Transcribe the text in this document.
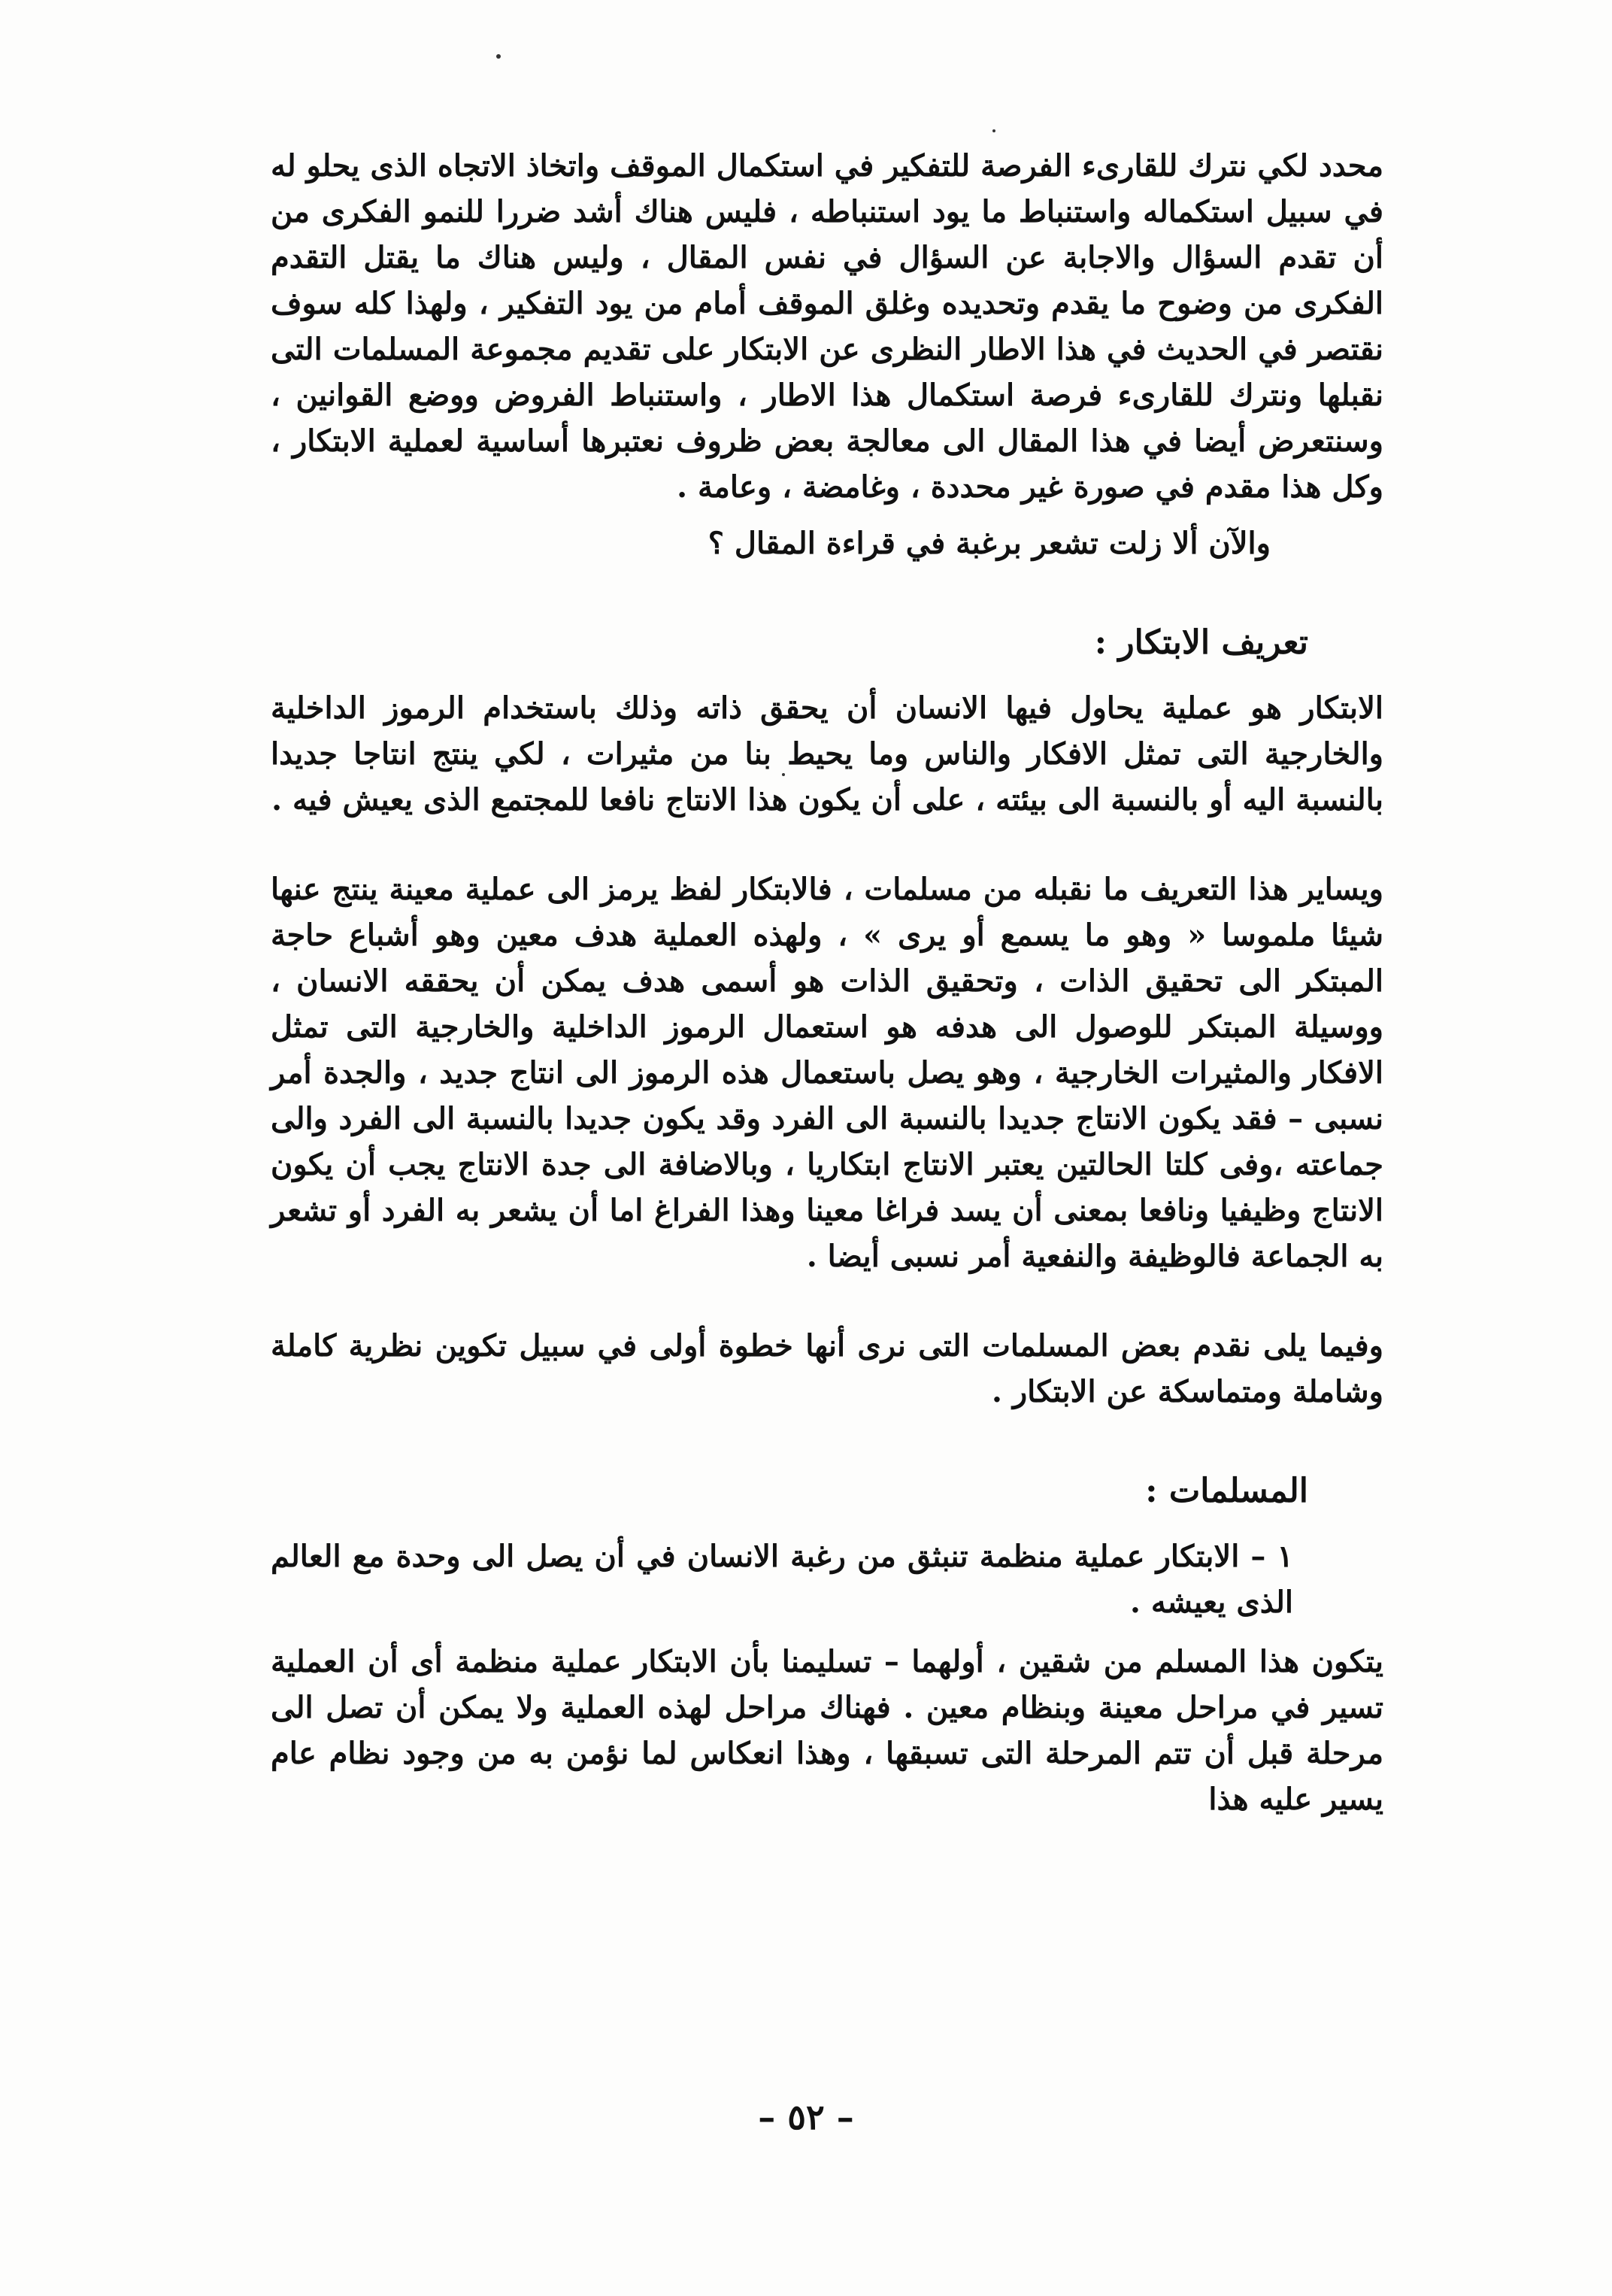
محدد لكي نترك للقارىء الفرصة للتفكير في استكمال الموقف واتخاذ الاتجاه الذى يحلو له في سبيل استكماله واستنباط ما يود استنباطه ، فليس هناك أشد ضررا للنمو الفكرى من أن تقدم السؤال والاجابة عن السؤال في نفس المقال ، وليس هناك ما يقتل التقدم الفكرى من وضوح ما يقدم وتحديده وغلق الموقف أمام من يود التفكير ، ولهذا كله سوف نقتصر في الحديث في هذا الاطار النظرى عن الابتكار على تقديم مجموعة المسلمات التى نقبلها ونترك للقارىء فرصة استكمال هذا الاطار ، واستنباط الفروض ووضع القوانين ، وسنتعرض أيضا في هذا المقال الى معالجة بعض ظروف نعتبرها أساسية لعملية الابتكار ، وكل هذا مقدم في صورة غير محددة ، وغامضة ، وعامة .

والآن ألا زلت تشعر برغبة في قراءة المقال ؟

تعريف الابتكار :

الابتكار هو عملية يحاول فيها الانسان أن يحقق ذاته وذلك باستخدام الرموز الداخلية والخارجية التى تمثل الافكار والناس وما يحيط بنا من مثيرات ، لكي ينتج انتاجا جديدا بالنسبة اليه أو بالنسبة الى بيئته ، على أن يكون هذا الانتاج نافعا للمجتمع الذى يعيش فيه .

ويساير هذا التعريف ما نقبله من مسلمات ، فالابتكار لفظ يرمز الى عملية معينة ينتج عنها شيئا ملموسا « وهو ما يسمع أو يرى » ، ولهذه العملية هدف معين وهو أشباع حاجة المبتكر الى تحقيق الذات ، وتحقيق الذات هو أسمى هدف يمكن أن يحققه الانسان ، ووسيلة المبتكر للوصول الى هدفه هو استعمال الرموز الداخلية والخارجية التى تمثل الافكار والمثيرات الخارجية ، وهو يصل باستعمال هذه الرموز الى انتاج جديد ، والجدة أمر نسبى – فقد يكون الانتاج جديدا بالنسبة الى الفرد وقد يكون جديدا بالنسبة الى الفرد والى جماعته ،وفى كلتا الحالتين يعتبر الانتاج ابتكاريا ، وبالاضافة الى جدة الانتاج يجب أن يكون الانتاج وظيفيا ونافعا بمعنى أن يسد فراغا معينا وهذا الفراغ اما أن يشعر به الفرد أو تشعر به الجماعة فالوظيفة والنفعية أمر نسبى أيضا .

وفيما يلى نقدم بعض المسلمات التى نرى أنها خطوة أولى في سبيل تكوين نظرية كاملة وشاملة ومتماسكة عن الابتكار .

المسلمات :

١ – الابتكار عملية منظمة تنبثق من رغبة الانسان في أن يصل الى وحدة مع العالم الذى يعيشه .

يتكون هذا المسلم من شقين ، أولهما – تسليمنا بأن الابتكار عملية منظمة أى أن العملية تسير في مراحل معينة وبنظام معين . فهناك مراحل لهذه العملية ولا يمكن أن تصل الى مرحلة قبل أن تتم المرحلة التى تسبقها ، وهذا انعكاس لما نؤمن به من وجود نظام عام يسير عليه هذا

– ٥٢ –
